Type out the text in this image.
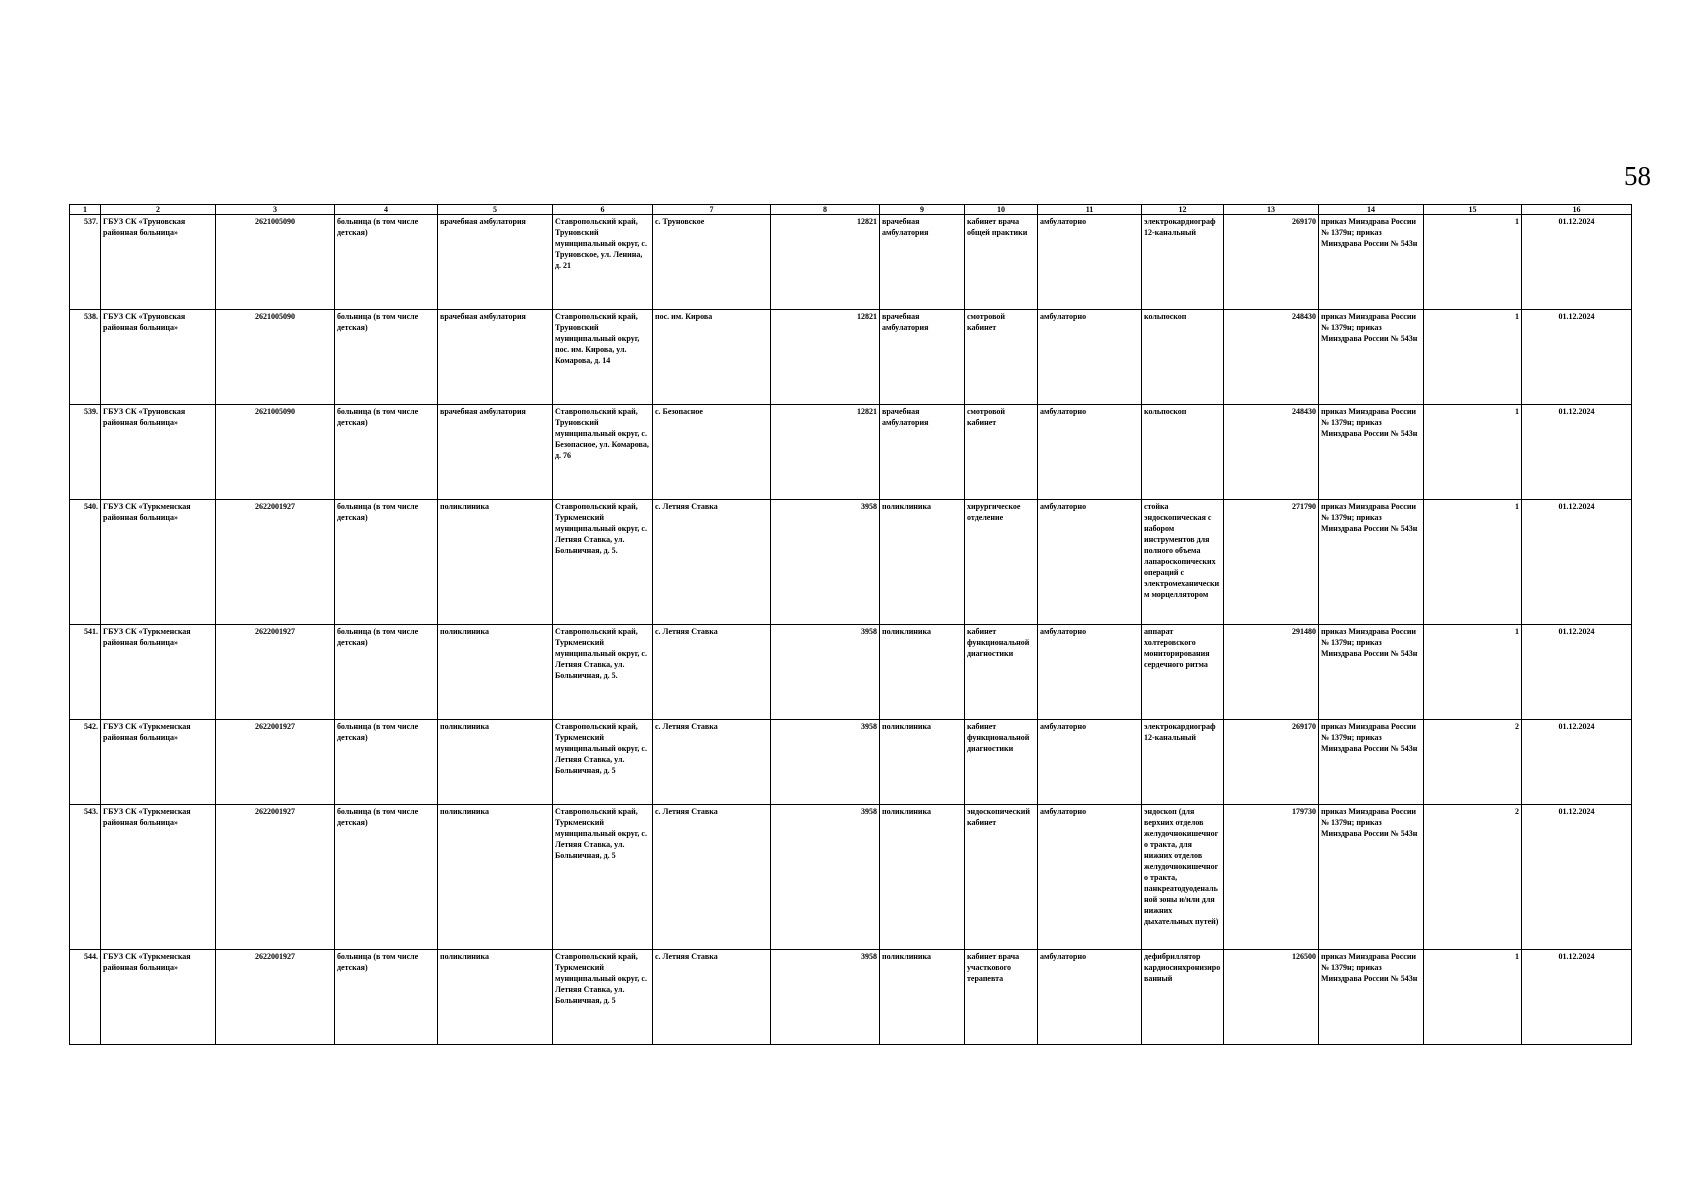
58
1	2	3	4	5	6	7	8	9	10	11	12	13	14	15	16
537.	ГБУЗ СК «Труновская районная больница»	2621005090	больница (в том числе детская)	врачебная амбулатория	Ставропольский край, Труновский муниципальный округ, с. Труновское, ул. Ленина, д. 21	с. Труновское	12821	врачебная амбулатория	кабинет врача общей практики	амбулаторно	электрокардиограф 12-канальный	269170	приказ Минздрава России № 1379н; приказ Минздрава России № 543н	1	01.12.2024
538.	ГБУЗ СК «Труновская районная больница»	2621005090	больница (в том числе детская)	врачебная амбулатория	Ставропольский край, Труновский муниципальный округ, пос. им. Кирова, ул. Комарова, д. 14	пос. им. Кирова	12821	врачебная амбулатория	смотровой кабинет	амбулаторно	кольпоскоп	248430	приказ Минздрава России № 1379н; приказ Минздрава России № 543н	1	01.12.2024
539.	ГБУЗ СК «Труновская районная больница»	2621005090	больница (в том числе детская)	врачебная амбулатория	Ставропольский край, Труновский муниципальный округ, с. Безопасное, ул. Комарова, д. 76	с. Безопасное	12821	врачебная амбулатория	смотровой кабинет	амбулаторно	кольпоскоп	248430	приказ Минздрава России № 1379н; приказ Минздрава России № 543н	1	01.12.2024
540.	ГБУЗ СК «Туркменская районная больница»	2622001927	больница (в том числе детская)	поликлиника	Ставропольский край, Туркменский муниципальный округ, с. Летняя Ставка, ул. Больничная, д. 5.	с. Летняя Ставка	3958	поликлиника	хирургическое отделение	амбулаторно	стойка эндоскопическая с набором инструментов для полного объема лапароскопических операций с электромеханическим морцеллятором	271790	приказ Минздрава России № 1379н; приказ Минздрава России № 543н	1	01.12.2024
541.	ГБУЗ СК «Туркменская районная больница»	2622001927	больница (в том числе детская)	поликлиника	Ставропольский край, Туркменский муниципальный округ, с. Летняя Ставка, ул. Больничная, д. 5.	с. Летняя Ставка	3958	поликлиника	кабинет функциональной диагностики	амбулаторно	аппарат холтеровского мониторирования сердечного ритма	291480	приказ Минздрава России № 1379н; приказ Минздрава России № 543н	1	01.12.2024
542.	ГБУЗ СК «Туркменская районная больница»	2622001927	больница (в том числе детская)	поликлиника	Ставропольский край, Туркменский муниципальный округ, с. Летняя Ставка, ул. Больничная, д. 5	с. Летняя Ставка	3958	поликлиника	кабинет функциональной диагностики	амбулаторно	электрокардиограф 12-канальный	269170	приказ Минздрава России № 1379н; приказ Минздрава России № 543н	2	01.12.2024
543.	ГБУЗ СК «Туркменская районная больница»	2622001927	больница (в том числе детская)	поликлиника	Ставропольский край, Туркменский муниципальный округ, с. Летняя Ставка, ул. Больничная, д. 5	с. Летняя Ставка	3958	поликлиника	эндоскопический кабинет	амбулаторно	эндоскоп (для верхних отделов желудочнокишечного тракта, для нижних отделов желудочнокишечного тракта, панкреатодуоденальной зоны и/или для нижних дыхательных путей)	179730	приказ Минздрава России № 1379н; приказ Минздрава России № 543н	2	01.12.2024
544.	ГБУЗ СК «Туркменская районная больница»	2622001927	больница (в том числе детская)	поликлиника	Ставропольский край, Туркменский муниципальный округ, с. Летняя Ставка, ул. Больничная, д. 5	с. Летняя Ставка	3958	поликлиника	кабинет врача участкового терапевта	амбулаторно	дефибриллятор кардиосинхронизированный	126500	приказ Минздрава России № 1379н; приказ Минздрава России № 543н	1	01.12.2024
